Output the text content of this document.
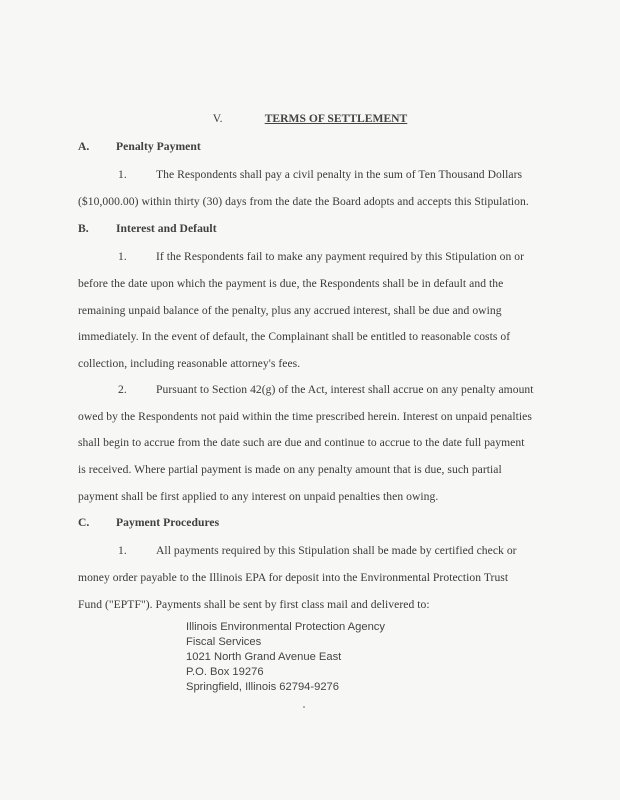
V.	TERMS OF SETTLEMENT
A. Penalty Payment
1.	The Respondents shall pay a civil penalty in the sum of Ten Thousand Dollars
($10,000.00) within thirty (30) days from the date the Board adopts and accepts this Stipulation.
B. Interest and Default
1.	If the Respondents fail to make any payment required by this Stipulation on or
before the date upon which the payment is due, the Respondents shall be in default and the
remaining unpaid balance of the penalty, plus any accrued interest, shall be due and owing
immediately. In the event of default, the Complainant shall be entitled to reasonable costs of
collection, including reasonable attorney's fees.
2.	Pursuant to Section 42(g) of the Act, interest shall accrue on any penalty amount
owed by the Respondents not paid within the time prescribed herein. Interest on unpaid penalties
shall begin to accrue from the date such are due and continue to accrue to the date full payment
is received. Where partial payment is made on any penalty amount that is due, such partial
payment shall be first applied to any interest on unpaid penalties then owing.
C. Payment Procedures
1.	All payments required by this Stipulation shall be made by certified check or
money order payable to the Illinois EPA for deposit into the Environmental Protection Trust
Fund ("EPTF"). Payments shall be sent by first class mail and delivered to:
Illinois Environmental Protection Agency
Fiscal Services
1021 North Grand Avenue East
P.O. Box 19276
Springfield, Illinois 62794-9276
